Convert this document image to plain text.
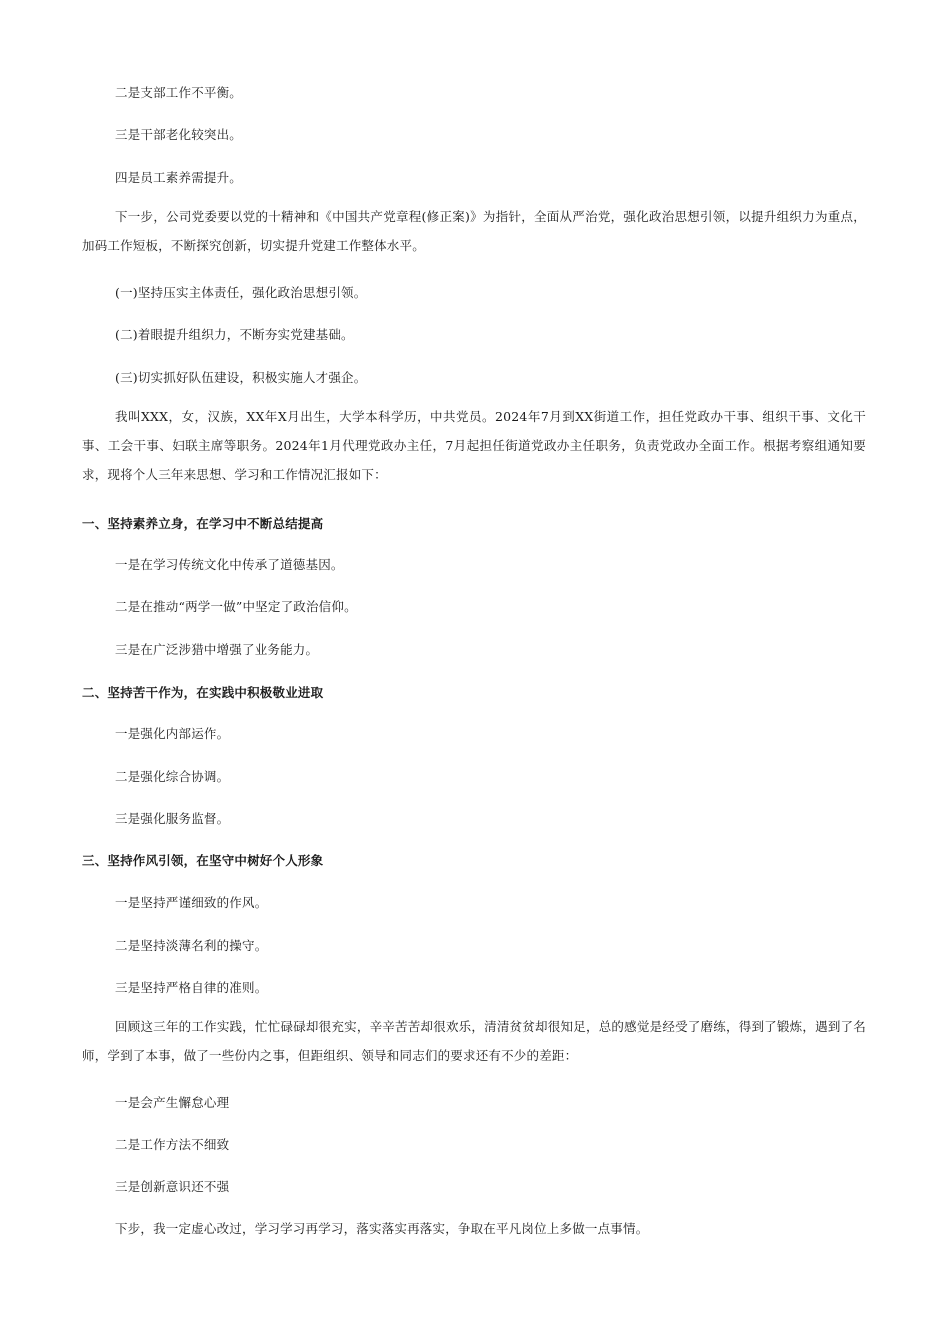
二是支部工作不平衡。

三是干部老化较突出。

四是员工素养需提升。

下一步，公司党委要以党的十精神和《中国共产党章程(修正案)》为指针，全面从严治党，强化政治思想引领，以提升组织力为重点，加码工作短板，不断探究创新，切实提升党建工作整体水平。

(一)坚持压实主体责任，强化政治思想引领。

(二)着眼提升组织力，不断夯实党建基础。

(三)切实抓好队伍建设，积极实施人才强企。

我叫XXX，女，汉族，XX年X月出生，大学本科学历，中共党员。2024年7月到XX街道工作，担任党政办干事、组织干事、文化干事、工会干事、妇联主席等职务。2024年1月代理党政办主任，7月起担任街道党政办主任职务，负责党政办全面工作。根据考察组通知要求，现将个人三年来思想、学习和工作情况汇报如下：

一、坚持素养立身，在学习中不断总结提高

一是在学习传统文化中传承了道德基因。

二是在推动“两学一做”中坚定了政治信仰。

三是在广泛涉猎中增强了业务能力。

二、坚持苦干作为，在实践中积极敬业进取

一是强化内部运作。

二是强化综合协调。

三是强化服务监督。

三、坚持作风引领，在坚守中树好个人形象

一是坚持严谨细致的作风。

二是坚持淡薄名利的操守。

三是坚持严格自律的准则。

回顾这三年的工作实践，忙忙碌碌却很充实，辛辛苦苦却很欢乐，清清贫贫却很知足，总的感觉是经受了磨练，得到了锻炼，遇到了名师，学到了本事，做了一些份内之事，但距组织、领导和同志们的要求还有不少的差距：

一是会产生懈怠心理

二是工作方法不细致

三是创新意识还不强

下步，我一定虚心改过，学习学习再学习，落实落实再落实，争取在平凡岗位上多做一点事情。
